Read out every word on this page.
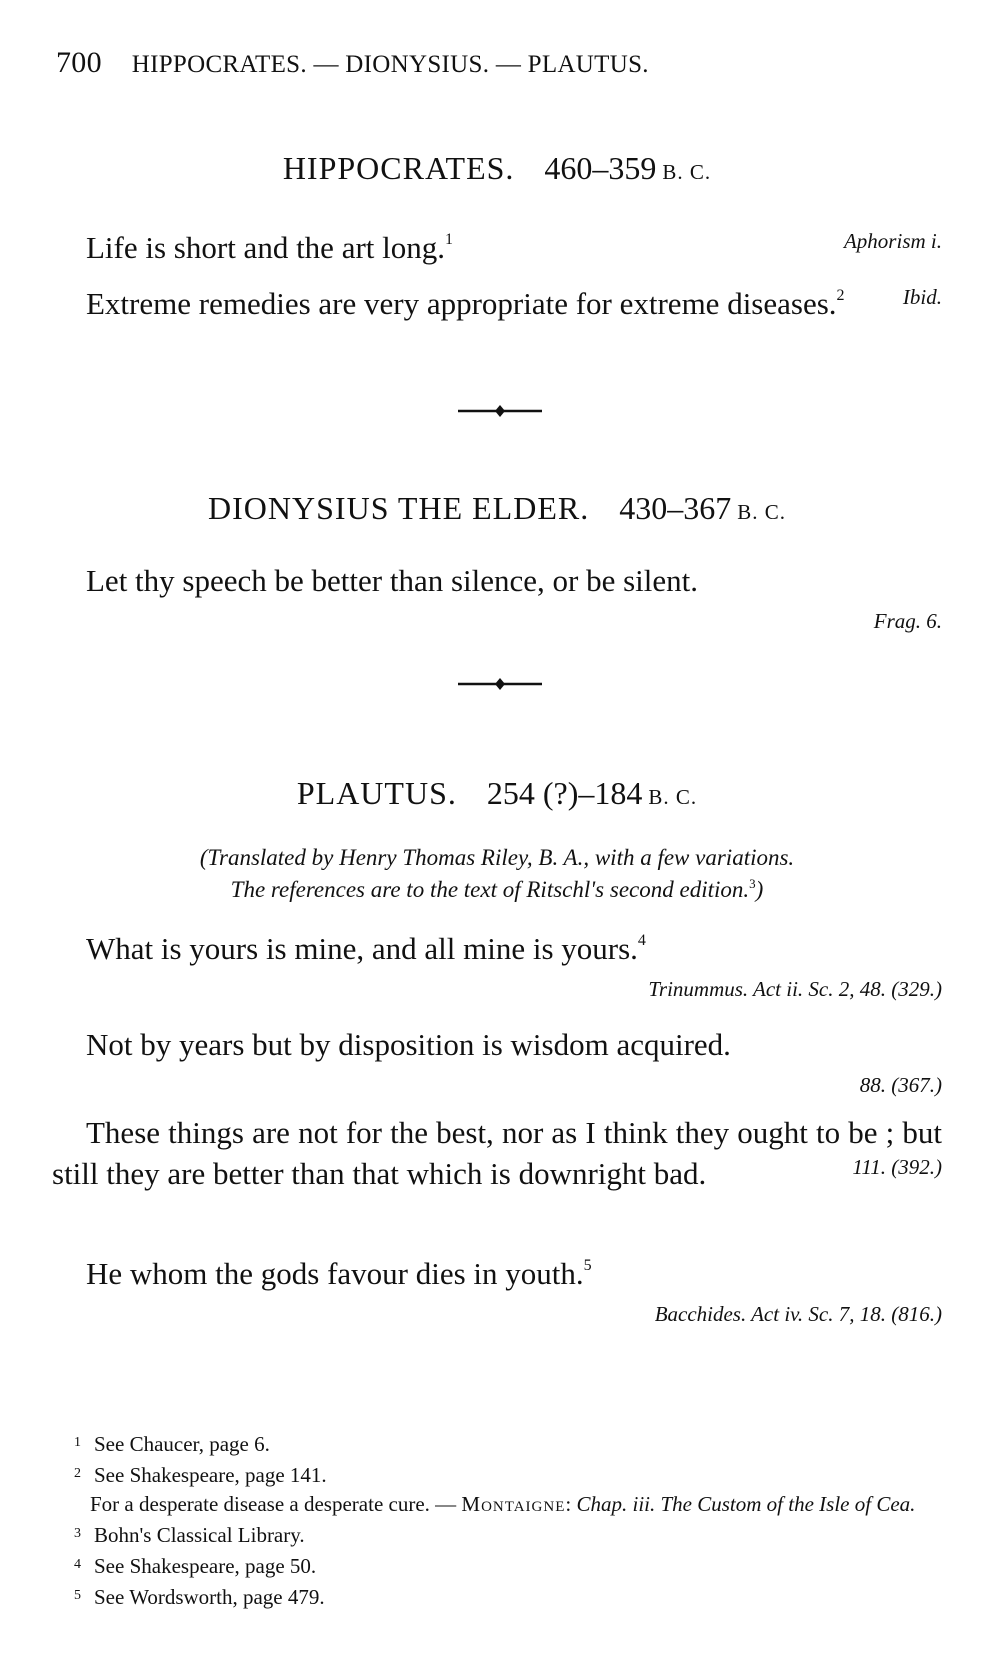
700 HIPPOCRATES. — DIONYSIUS. — PLAUTUS.
HIPPOCRATES. 460–359 B. C.
Life is short and the art long.$^1$	Aphorism i.
Extreme remedies are very appropriate for extreme diseases.$^2$	Ibid.
DIONYSIUS THE ELDER. 430–367 B. C.
Let thy speech be better than silence, or be silent.
Frag. 6.
PLAUTUS. 254 (?)–184 B. C.
(Translated by Henry Thomas Riley, B. A., with a few variations.
The references are to the text of Ritschl's second edition.$^3$)
What is yours is mine, and all mine is yours.$^4$
Trinummus. Act ii. Sc. 2, 48. (329.)
Not by years but by disposition is wisdom acquired.
88. (367.)
These things are not for the best, nor as I think they ought to be ; but still they are better than that which is downright bad.	111. (392.)
He whom the gods favour dies in youth.$^5$
Bacchides. Act iv. Sc. 7, 18. (816.)
1 See Chaucer, page 6.
2 See Shakespeare, page 141.
For a desperate disease a desperate cure. — Montaigne: Chap. iii. The Custom of the Isle of Cea.
3 Bohn's Classical Library.
4 See Shakespeare, page 50.
5 See Wordsworth, page 479.
